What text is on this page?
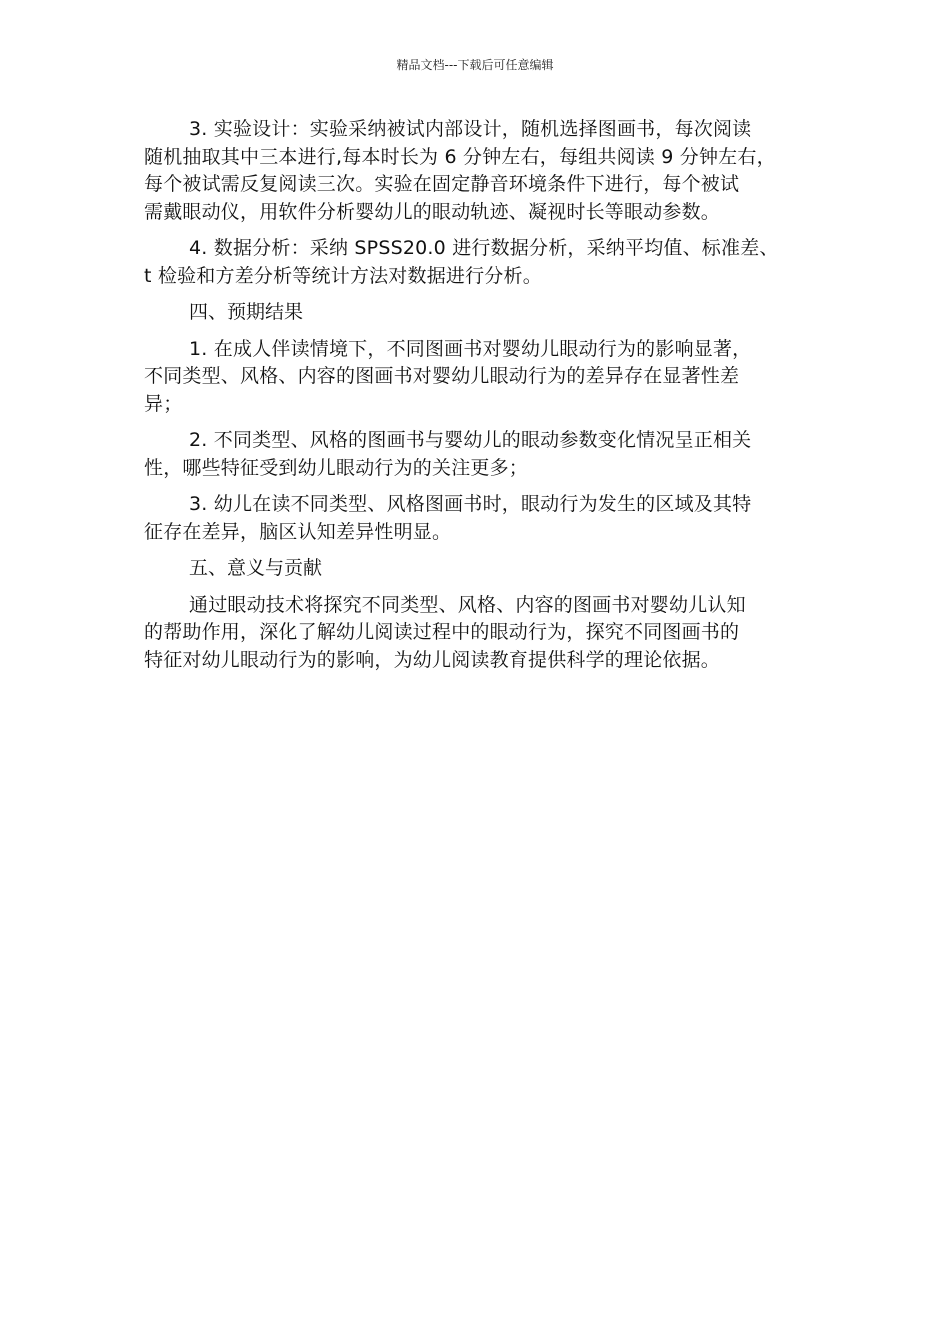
精品文档---下载后可任意编辑
3. 实验设计：实验采纳被试内部设计，随机选择图画书，每次阅读
随机抽取其中三本进行,每本时长为 6 分钟左右，每组共阅读 9 分钟左右，
每个被试需反复阅读三次。实验在固定静音环境条件下进行，每个被试
需戴眼动仪，用软件分析婴幼儿的眼动轨迹、凝视时长等眼动参数。
4. 数据分析：采纳 SPSS20.0 进行数据分析，采纳平均值、标准差、
t 检验和方差分析等统计方法对数据进行分析。
四、预期结果
1. 在成人伴读情境下，不同图画书对婴幼儿眼动行为的影响显著，
不同类型、风格、内容的图画书对婴幼儿眼动行为的差异存在显著性差
异；
2. 不同类型、风格的图画书与婴幼儿的眼动参数变化情况呈正相关
性，哪些特征受到幼儿眼动行为的关注更多；
3. 幼儿在读不同类型、风格图画书时，眼动行为发生的区域及其特
征存在差异，脑区认知差异性明显。
五、意义与贡献
通过眼动技术将探究不同类型、风格、内容的图画书对婴幼儿认知
的帮助作用，深化了解幼儿阅读过程中的眼动行为，探究不同图画书的
特征对幼儿眼动行为的影响，为幼儿阅读教育提供科学的理论依据。
